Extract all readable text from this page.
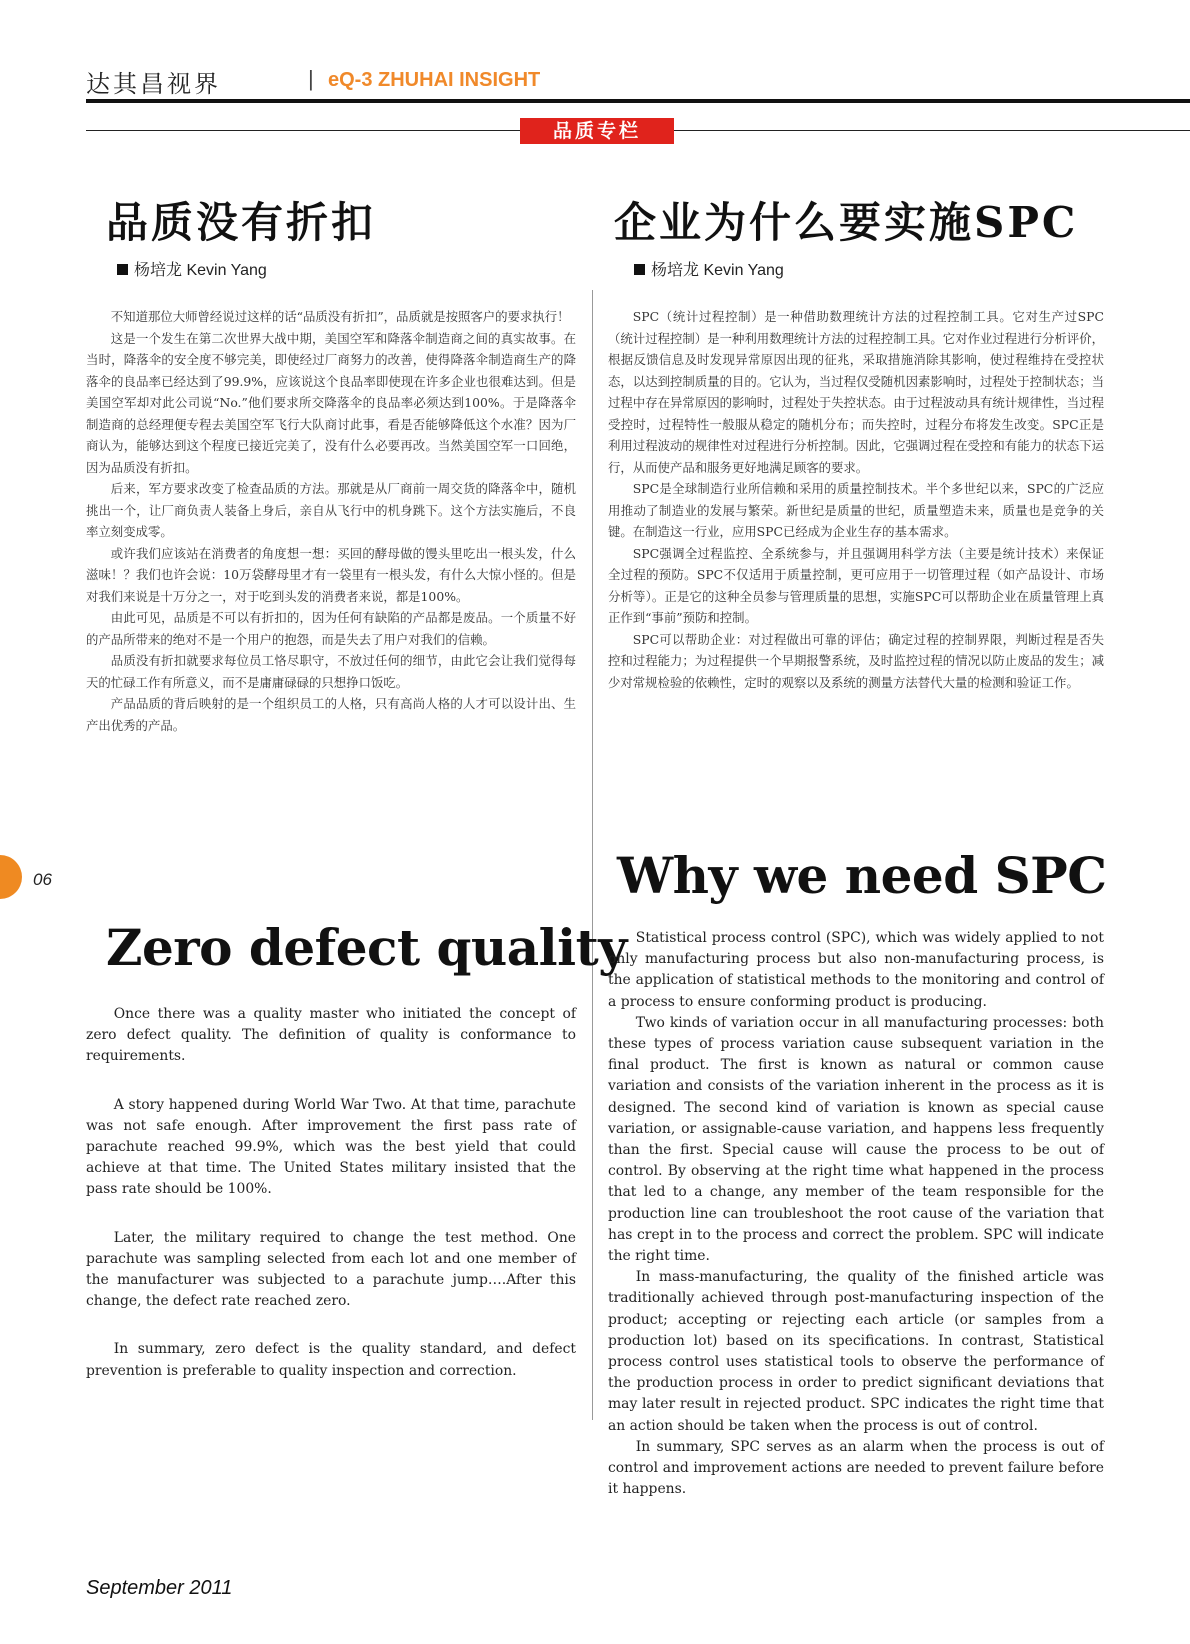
达其昌视界	| eQ-3 ZHUHAI INSIGHT
品质专栏
品质没有折扣
杨培龙 Kevin Yang

不知道那位大师曾经说过这样的话“品质没有折扣”，品质就是按照客户的要求执行！

这是一个发生在第二次世界大战中期，美国空军和降落伞制造商之间的真实故事。在当时，降落伞的安全度不够完美，即使经过厂商努力的改善，使得降落伞制造商生产的降落伞的良品率已经达到了99.9%，应该说这个良品率即使现在许多企业也很难达到。但是美国空军却对此公司说“No.”他们要求所交降落伞的良品率必须达到100%。于是降落伞制造商的总经理便专程去美国空军飞行大队商讨此事，看是否能够降低这个水准？因为厂商认为，能够达到这个程度已接近完美了，没有什么必要再改。当然美国空军一口回绝，因为品质没有折扣。

后来，军方要求改变了检查品质的方法。那就是从厂商前一周交货的降落伞中，随机挑出一个，让厂商负责人装备上身后，亲自从飞行中的机身跳下。这个方法实施后，不良率立刻变成零。

或许我们应该站在消费者的角度想一想：买回的酵母做的馒头里吃出一根头发，什么滋味！？我们也许会说：10万袋酵母里才有一袋里有一根头发，有什么大惊小怪的。但是对我们来说是十万分之一，对于吃到头发的消费者来说，都是100%。

由此可见，品质是不可以有折扣的，因为任何有缺陷的产品都是废品。一个质量不好的产品所带来的绝对不是一个用户的抱怨，而是失去了用户对我们的信赖。

品质没有折扣就要求每位员工恪尽职守，不放过任何的细节，由此它会让我们觉得每天的忙碌工作有所意义，而不是庸庸碌碌的只想挣口饭吃。

产品品质的背后映射的是一个组织员工的人格，只有高尚人格的人才可以设计出、生产出优秀的产品。

企业为什么要实施SPC
杨培龙 Kevin Yang

SPC（统计过程控制）是一种借助数理统计方法的过程控制工具。它对生产过SPC（统计过程控制）是一种利用数理统计方法的过程控制工具。它对作业过程进行分析评价，根据反馈信息及时发现异常原因出现的征兆，采取措施消除其影响，使过程维持在受控状态，以达到控制质量的目的。它认为，当过程仅受随机因素影响时，过程处于控制状态；当过程中存在异常原因的影响时，过程处于失控状态。由于过程波动具有统计规律性，当过程受控时，过程特性一般服从稳定的随机分布；而失控时，过程分布将发生改变。SPC正是利用过程波动的规律性对过程进行分析控制。因此，它强调过程在受控和有能力的状态下运行，从而使产品和服务更好地满足顾客的要求。

SPC是全球制造行业所信赖和采用的质量控制技术。半个多世纪以来，SPC的广泛应用推动了制造业的发展与繁荣。新世纪是质量的世纪，质量塑造未来，质量也是竞争的关键。在制造这一行业，应用SPC已经成为企业生存的基本需求。

SPC强调全过程监控、全系统参与，并且强调用科学方法（主要是统计技术）来保证全过程的预防。SPC不仅适用于质量控制，更可应用于一切管理过程（如产品设计、市场分析等）。正是它的这种全员参与管理质量的思想，实施SPC可以帮助企业在质量管理上真正作到“事前”预防和控制。

SPC可以帮助企业：对过程做出可靠的评估；确定过程的控制界限，判断过程是否失控和过程能力；为过程提供一个早期报警系统，及时监控过程的情况以防止废品的发生；减少对常规检验的依赖性，定时的观察以及系统的测量方法替代大量的检测和验证工作。

06
Zero defect quality

Once there was a quality master who initiated the concept of zero defect quality. The definition of quality is conformance to requirements.

A story happened during World War Two. At that time, parachute was not safe enough. After improvement the first pass rate of parachute reached 99.9%, which was the best yield that could achieve at that time. The United States military insisted that the pass rate should be 100%.

Later, the military required to change the test method. One parachute was sampling selected from each lot and one member of the manufacturer was subjected to a parachute jump….After this change, the defect rate reached zero.

In summary, zero defect is the quality standard, and defect prevention is preferable to quality inspection and correction.

Why we need SPC

Statistical process control (SPC), which was widely applied to not only manufacturing process but also non-manufacturing process, is the application of statistical methods to the monitoring and control of a process to ensure conforming product is producing.

Two kinds of variation occur in all manufacturing processes: both these types of process variation cause subsequent variation in the final product. The first is known as natural or common cause variation and consists of the variation inherent in the process as it is designed. The second kind of variation is known as special cause variation, or assignable-cause variation, and happens less frequently than the first. Special cause will cause the process to be out of control. By observing at the right time what happened in the process that led to a change, any member of the team responsible for the production line can troubleshoot the root cause of the variation that has crept in to the process and correct the problem. SPC will indicate the right time.

In mass-manufacturing, the quality of the finished article was traditionally achieved through post-manufacturing inspection of the product; accepting or rejecting each article (or samples from a production lot) based on its specifications. In contrast, Statistical process control uses statistical tools to observe the performance of the production process in order to predict significant deviations that may later result in rejected product. SPC indicates the right time that an action should be taken when the process is out of control.

In summary, SPC serves as an alarm when the process is out of control and improvement actions are needed to prevent failure before it happens.

September 2011
